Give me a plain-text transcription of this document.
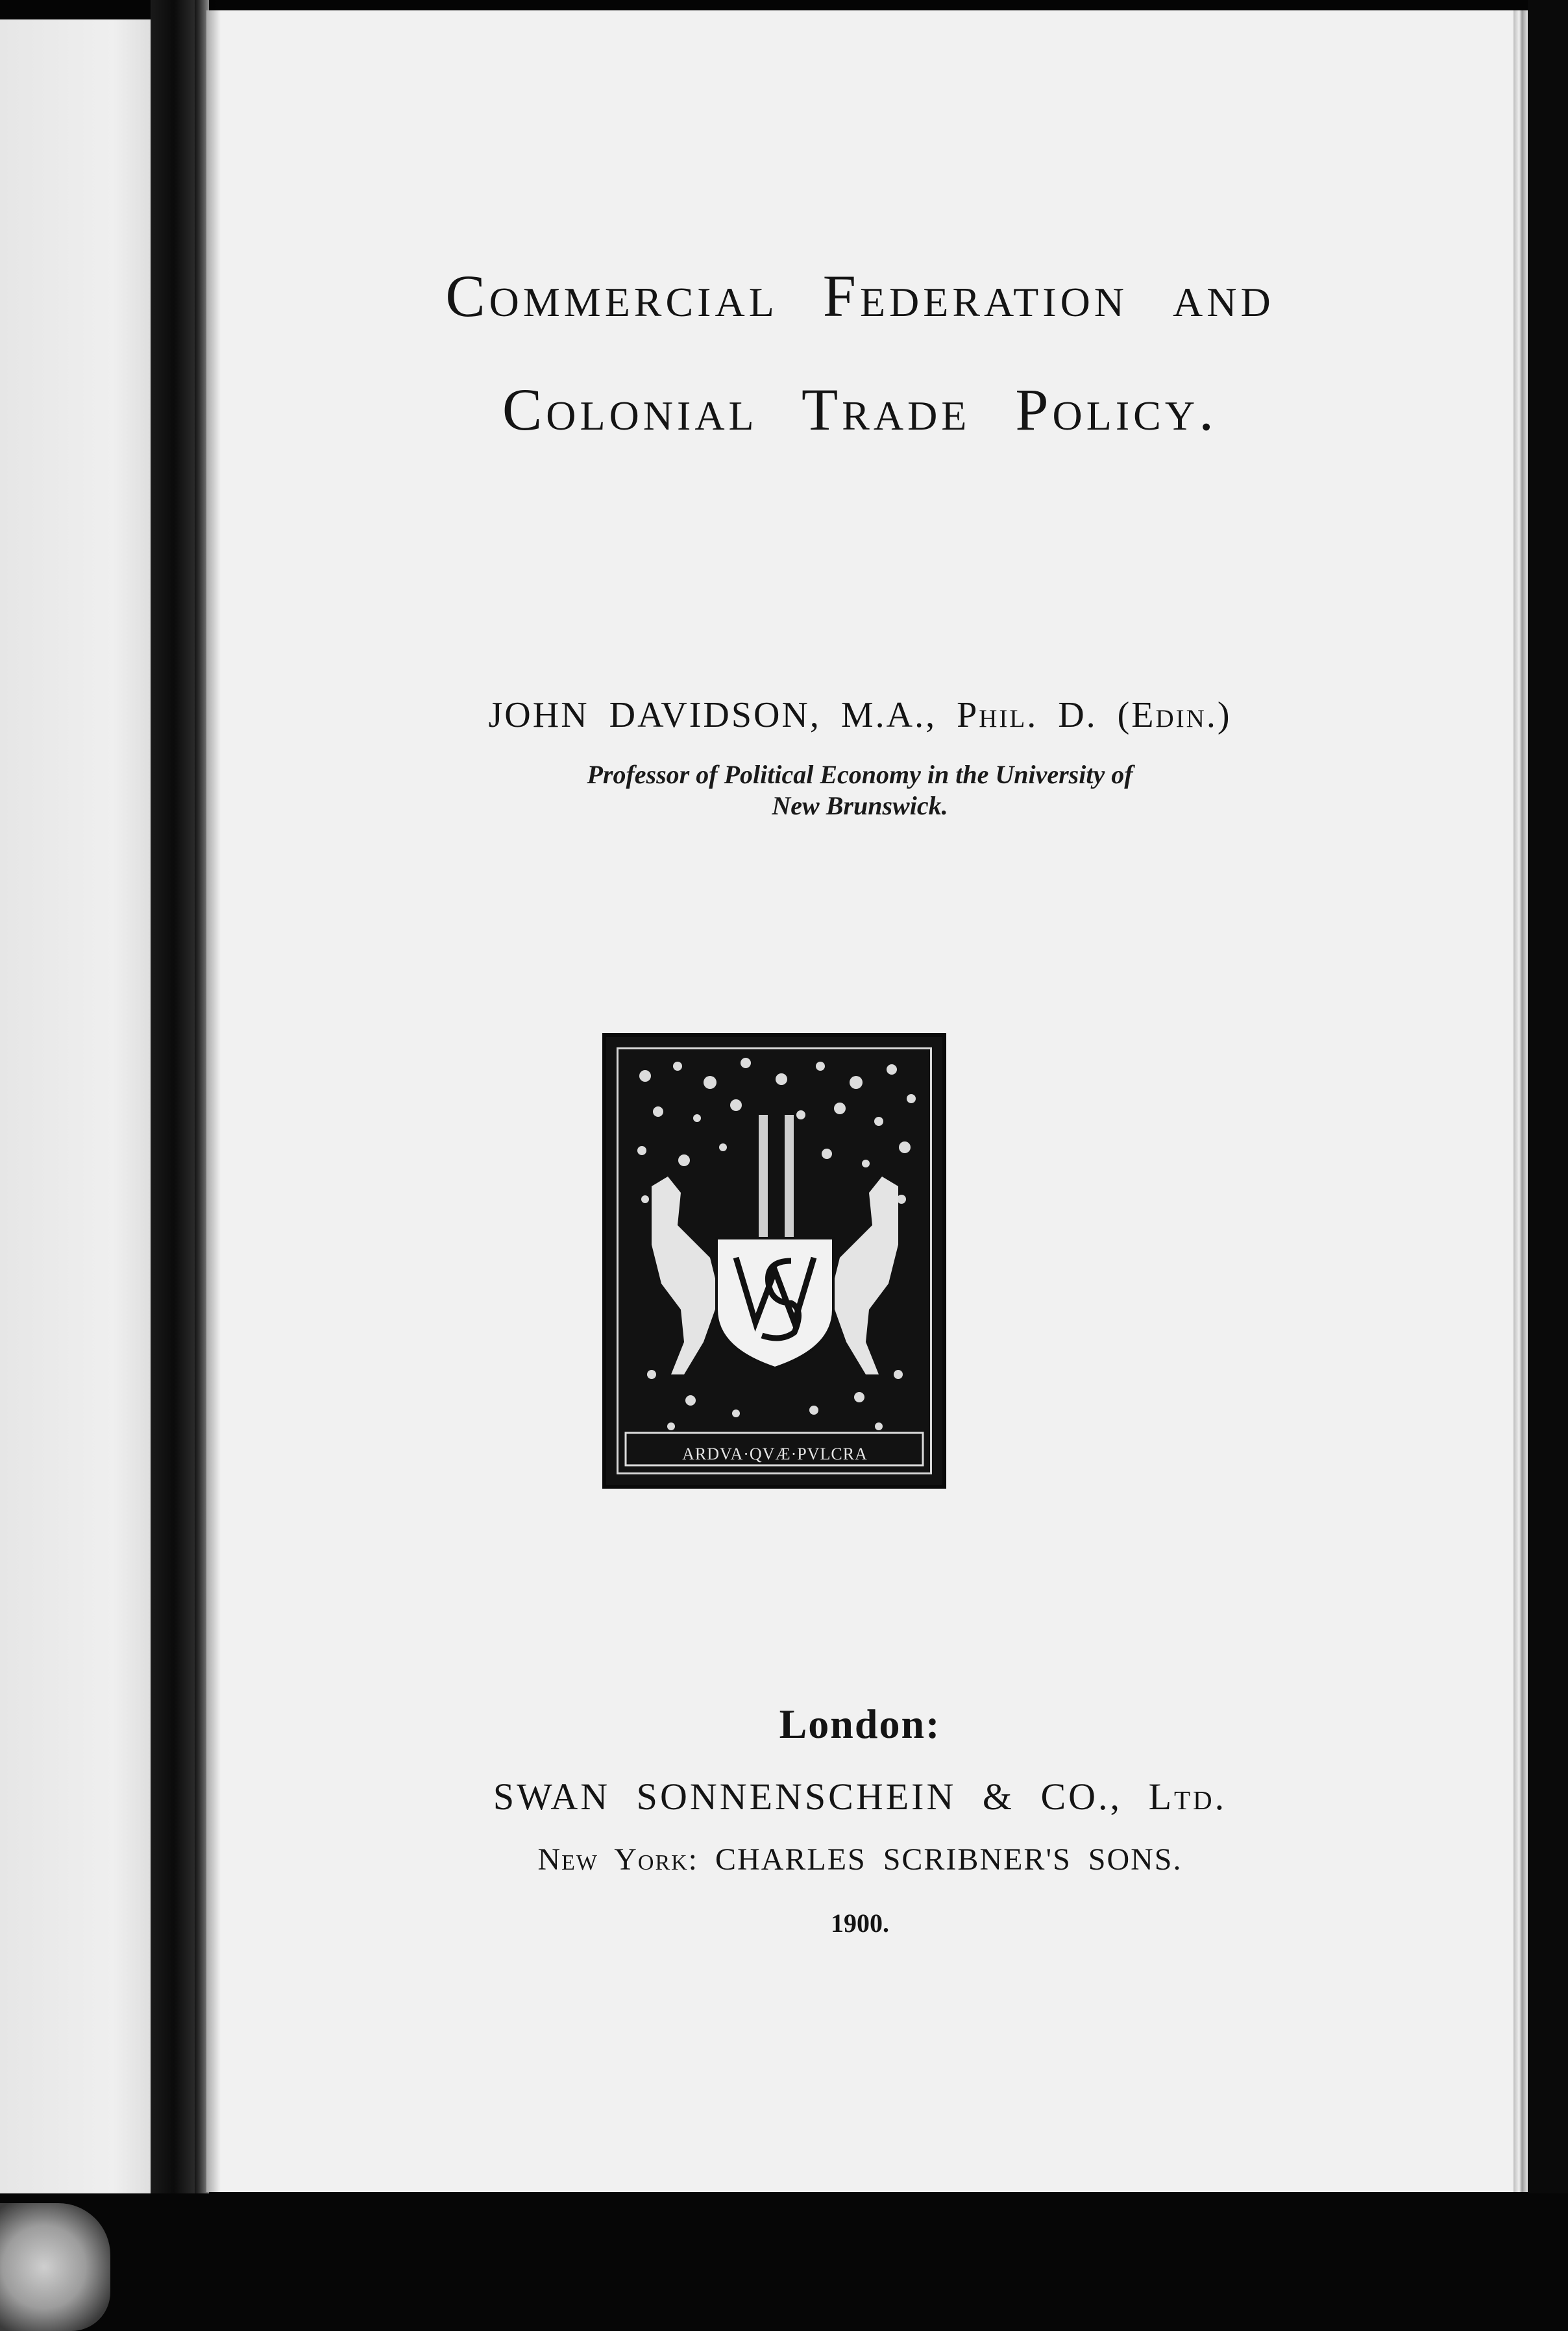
Commercial Federation and
Colonial Trade Policy.
JOHN DAVIDSON, M.A., Phil. D. (Edin.)
Professor of Political Economy in the University of
New Brunswick.
ARDVA·QVÆ·PVLCRA
London:
SWAN SONNENSCHEIN & CO., Ltd.
New York: CHARLES SCRIBNER'S SONS.
1900.
